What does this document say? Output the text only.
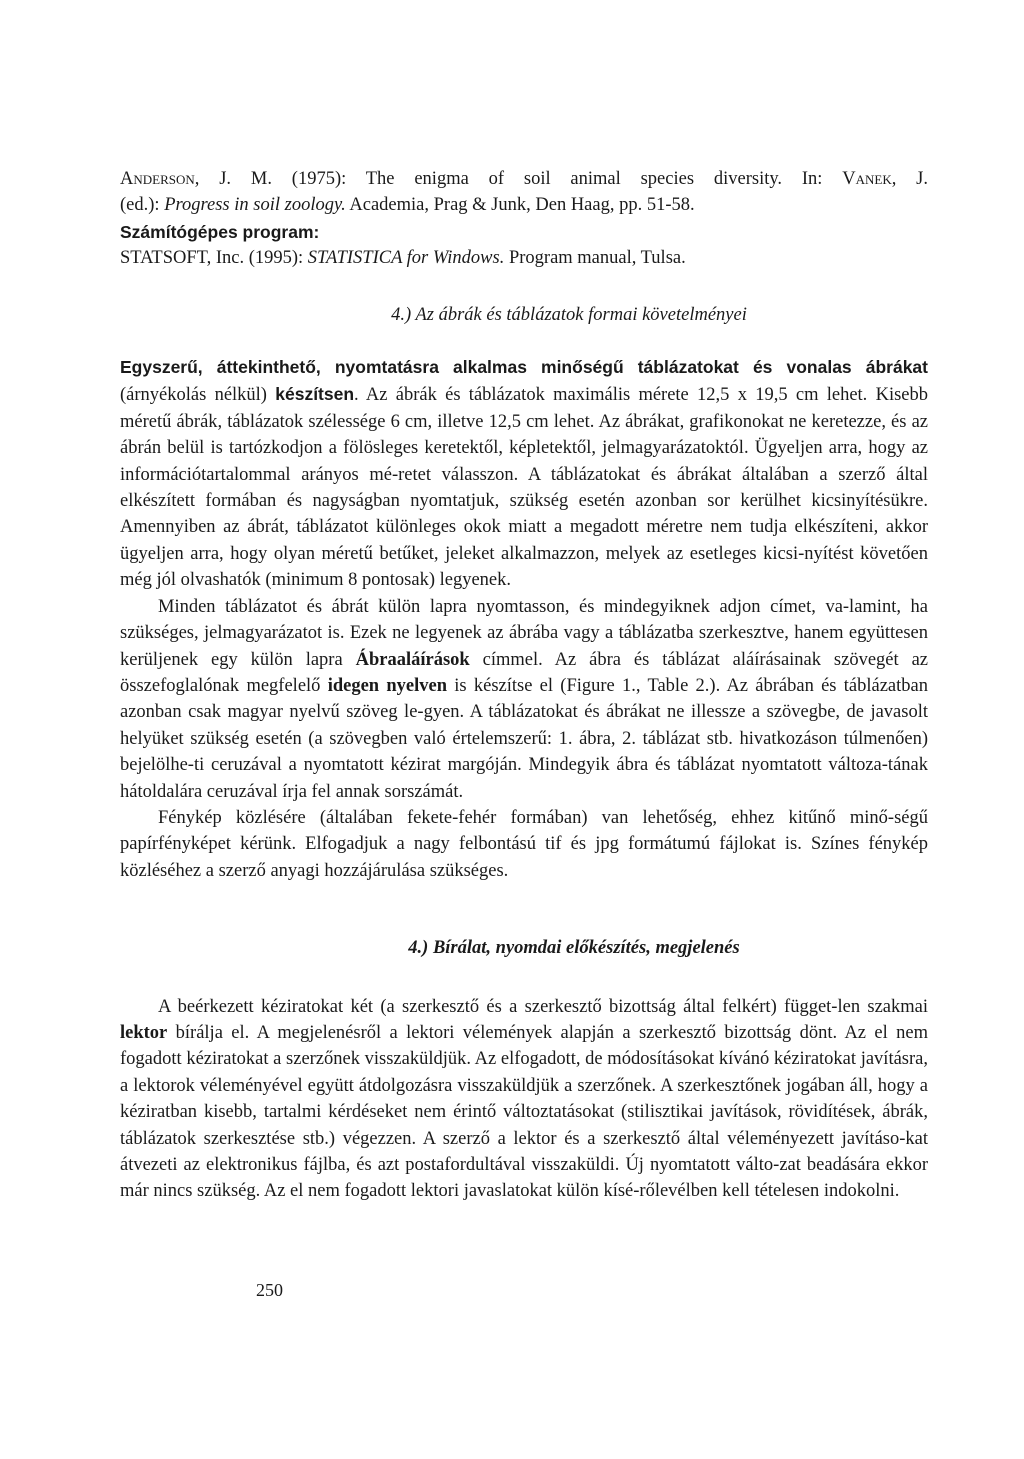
Anderson, J. M. (1975): The enigma of soil animal species diversity. In: Vanek, J.

(ed.): Progress in soil zoology. Academia, Prag & Junk, Den Haag, pp. 51-58.

Számítógépes program:

STATSOFT, Inc. (1995): STATISTICA for Windows. Program manual, Tulsa.

4.) Az ábrák és táblázatok formai követelményei

Egyszerű, áttekinthető, nyomtatásra alkalmas minőségű táblázatokat és vonalas ábrákat (árnyékolás nélkül) készítsen. Az ábrák és táblázatok maximális mérete 12,5 x 19,5 cm lehet. Kisebb méretű ábrák, táblázatok szélessége 6 cm, illetve 12,5 cm lehet. Az ábrákat, grafikonokat ne keretezze, és az ábrán belül is tartózkodjon a fölösleges keretektől, képletektől, jelmagyarázatoktól. Ügyeljen arra, hogy az információtartalommal arányos mé-retet válasszon. A táblázatokat és ábrákat általában a szerző által elkészített formában és nagyságban nyomtatjuk, szükség esetén azonban sor kerülhet kicsinyítésükre. Amennyiben az ábrát, táblázatot különleges okok miatt a megadott méretre nem tudja elkészíteni, akkor ügyeljen arra, hogy olyan méretű betűket, jeleket alkalmazzon, melyek az esetleges kicsi-nyítést követően még jól olvashatók (minimum 8 pontosak) legyenek.

Minden táblázatot és ábrát külön lapra nyomtasson, és mindegyiknek adjon címet, va-lamint, ha szükséges, jelmagyarázatot is. Ezek ne legyenek az ábrába vagy a táblázatba szerkesztve, hanem együttesen kerüljenek egy külön lapra Ábraaláírások címmel. Az ábra és táblázat aláírásainak szövegét az összefoglalónak megfelelő idegen nyelven is készítse el (Figure 1., Table 2.). Az ábrában és táblázatban azonban csak magyar nyelvű szöveg le-gyen. A táblázatokat és ábrákat ne illessze a szövegbe, de javasolt helyüket szükség esetén (a szövegben való értelemszerű: 1. ábra, 2. táblázat stb. hivatkozáson túlmenően) bejelölhe-ti ceruzával a nyomtatott kézirat margóján. Mindegyik ábra és táblázat nyomtatott változa-tának hátoldalára ceruzával írja fel annak sorszámát.

Fénykép közlésére (általában fekete-fehér formában) van lehetőség, ehhez kitűnő minő-ségű papírfényképet kérünk. Elfogadjuk a nagy felbontású tif és jpg formátumú fájlokat is. Színes fénykép közléséhez a szerző anyagi hozzájárulása szükséges.

4.) Bírálat, nyomdai előkészítés, megjelenés

A beérkezett kéziratokat két (a szerkesztő és a szerkesztő bizottság által felkért) függet-len szakmai lektor bírálja el. A megjelenésről a lektori vélemények alapján a szerkesztő bizottság dönt. Az el nem fogadott kéziratokat a szerzőnek visszaküldjük. Az elfogadott, de módosításokat kívánó kéziratokat javításra, a lektorok véleményével együtt átdolgozásra visszaküldjük a szerzőnek. A szerkesztőnek jogában áll, hogy a kéziratban kisebb, tartalmi kérdéseket nem érintő változtatásokat (stilisztikai javítások, rövidítések, ábrák, táblázatok szerkesztése stb.) végezzen. A szerző a lektor és a szerkesztő által véleményezett javításo-kat átvezeti az elektronikus fájlba, és azt postafordultával visszaküldi. Új nyomtatott válto-zat beadására ekkor már nincs szükség. Az el nem fogadott lektori javaslatokat külön kísé-rőlevélben kell tételesen indokolni.

250
